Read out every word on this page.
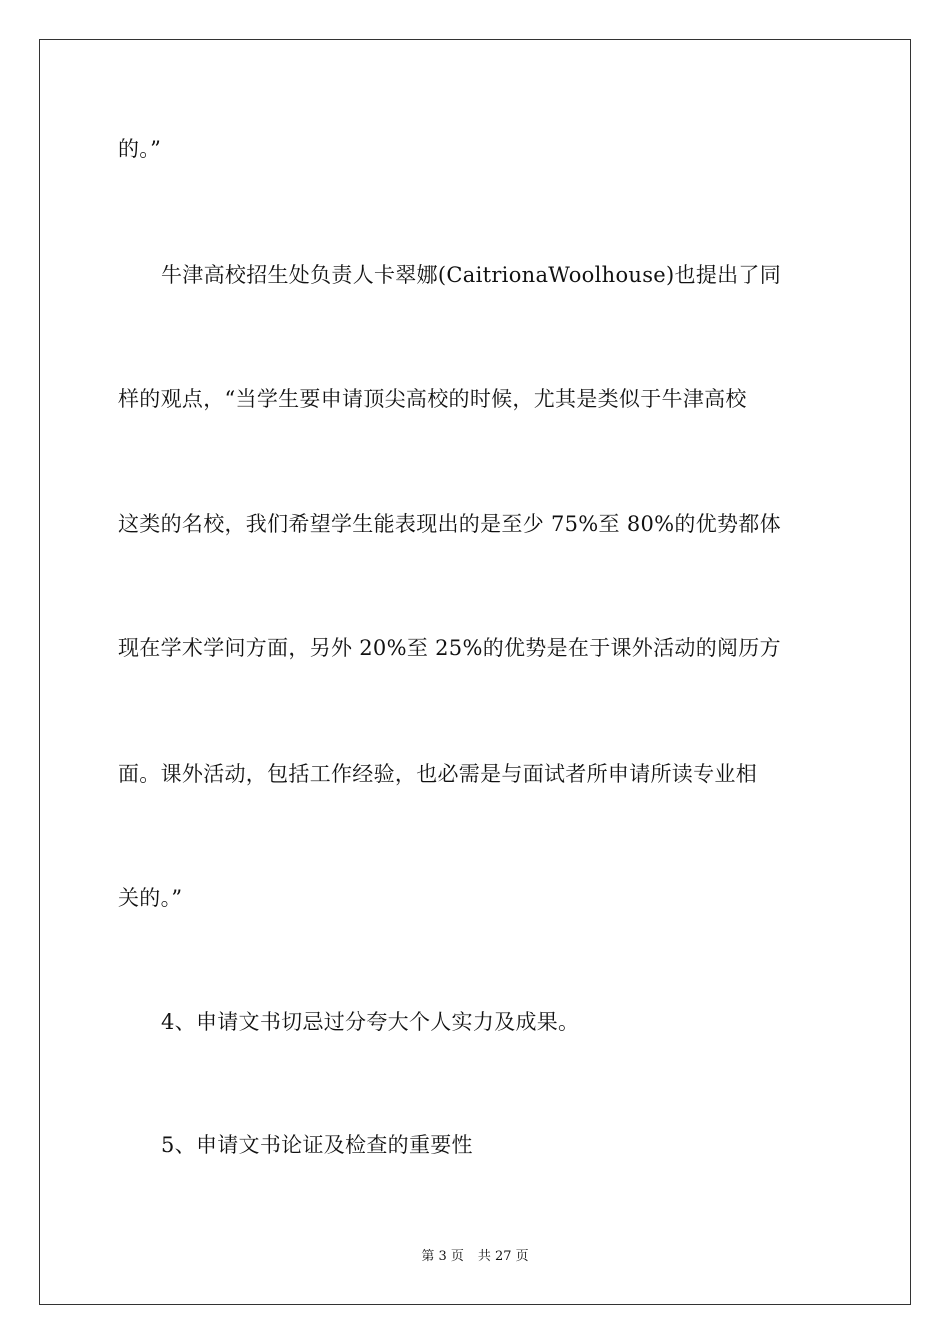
的。”
牛津高校招生处负责人卡翠娜(CaitrionaWoolhouse)也提出了同
样的观点，“当学生要申请顶尖高校的时候，尤其是类似于牛津高校
这类的名校，我们希望学生能表现出的是至少 75%至 80%的优势都体
现在学术学问方面，另外 20%至 25%的优势是在于课外活动的阅历方
面。课外活动，包括工作经验，也必需是与面试者所申请所读专业相
关的。”
4、申请文书切忌过分夸大个人实力及成果。
5、申请文书论证及检查的重要性
第 3 页 共 27 页
